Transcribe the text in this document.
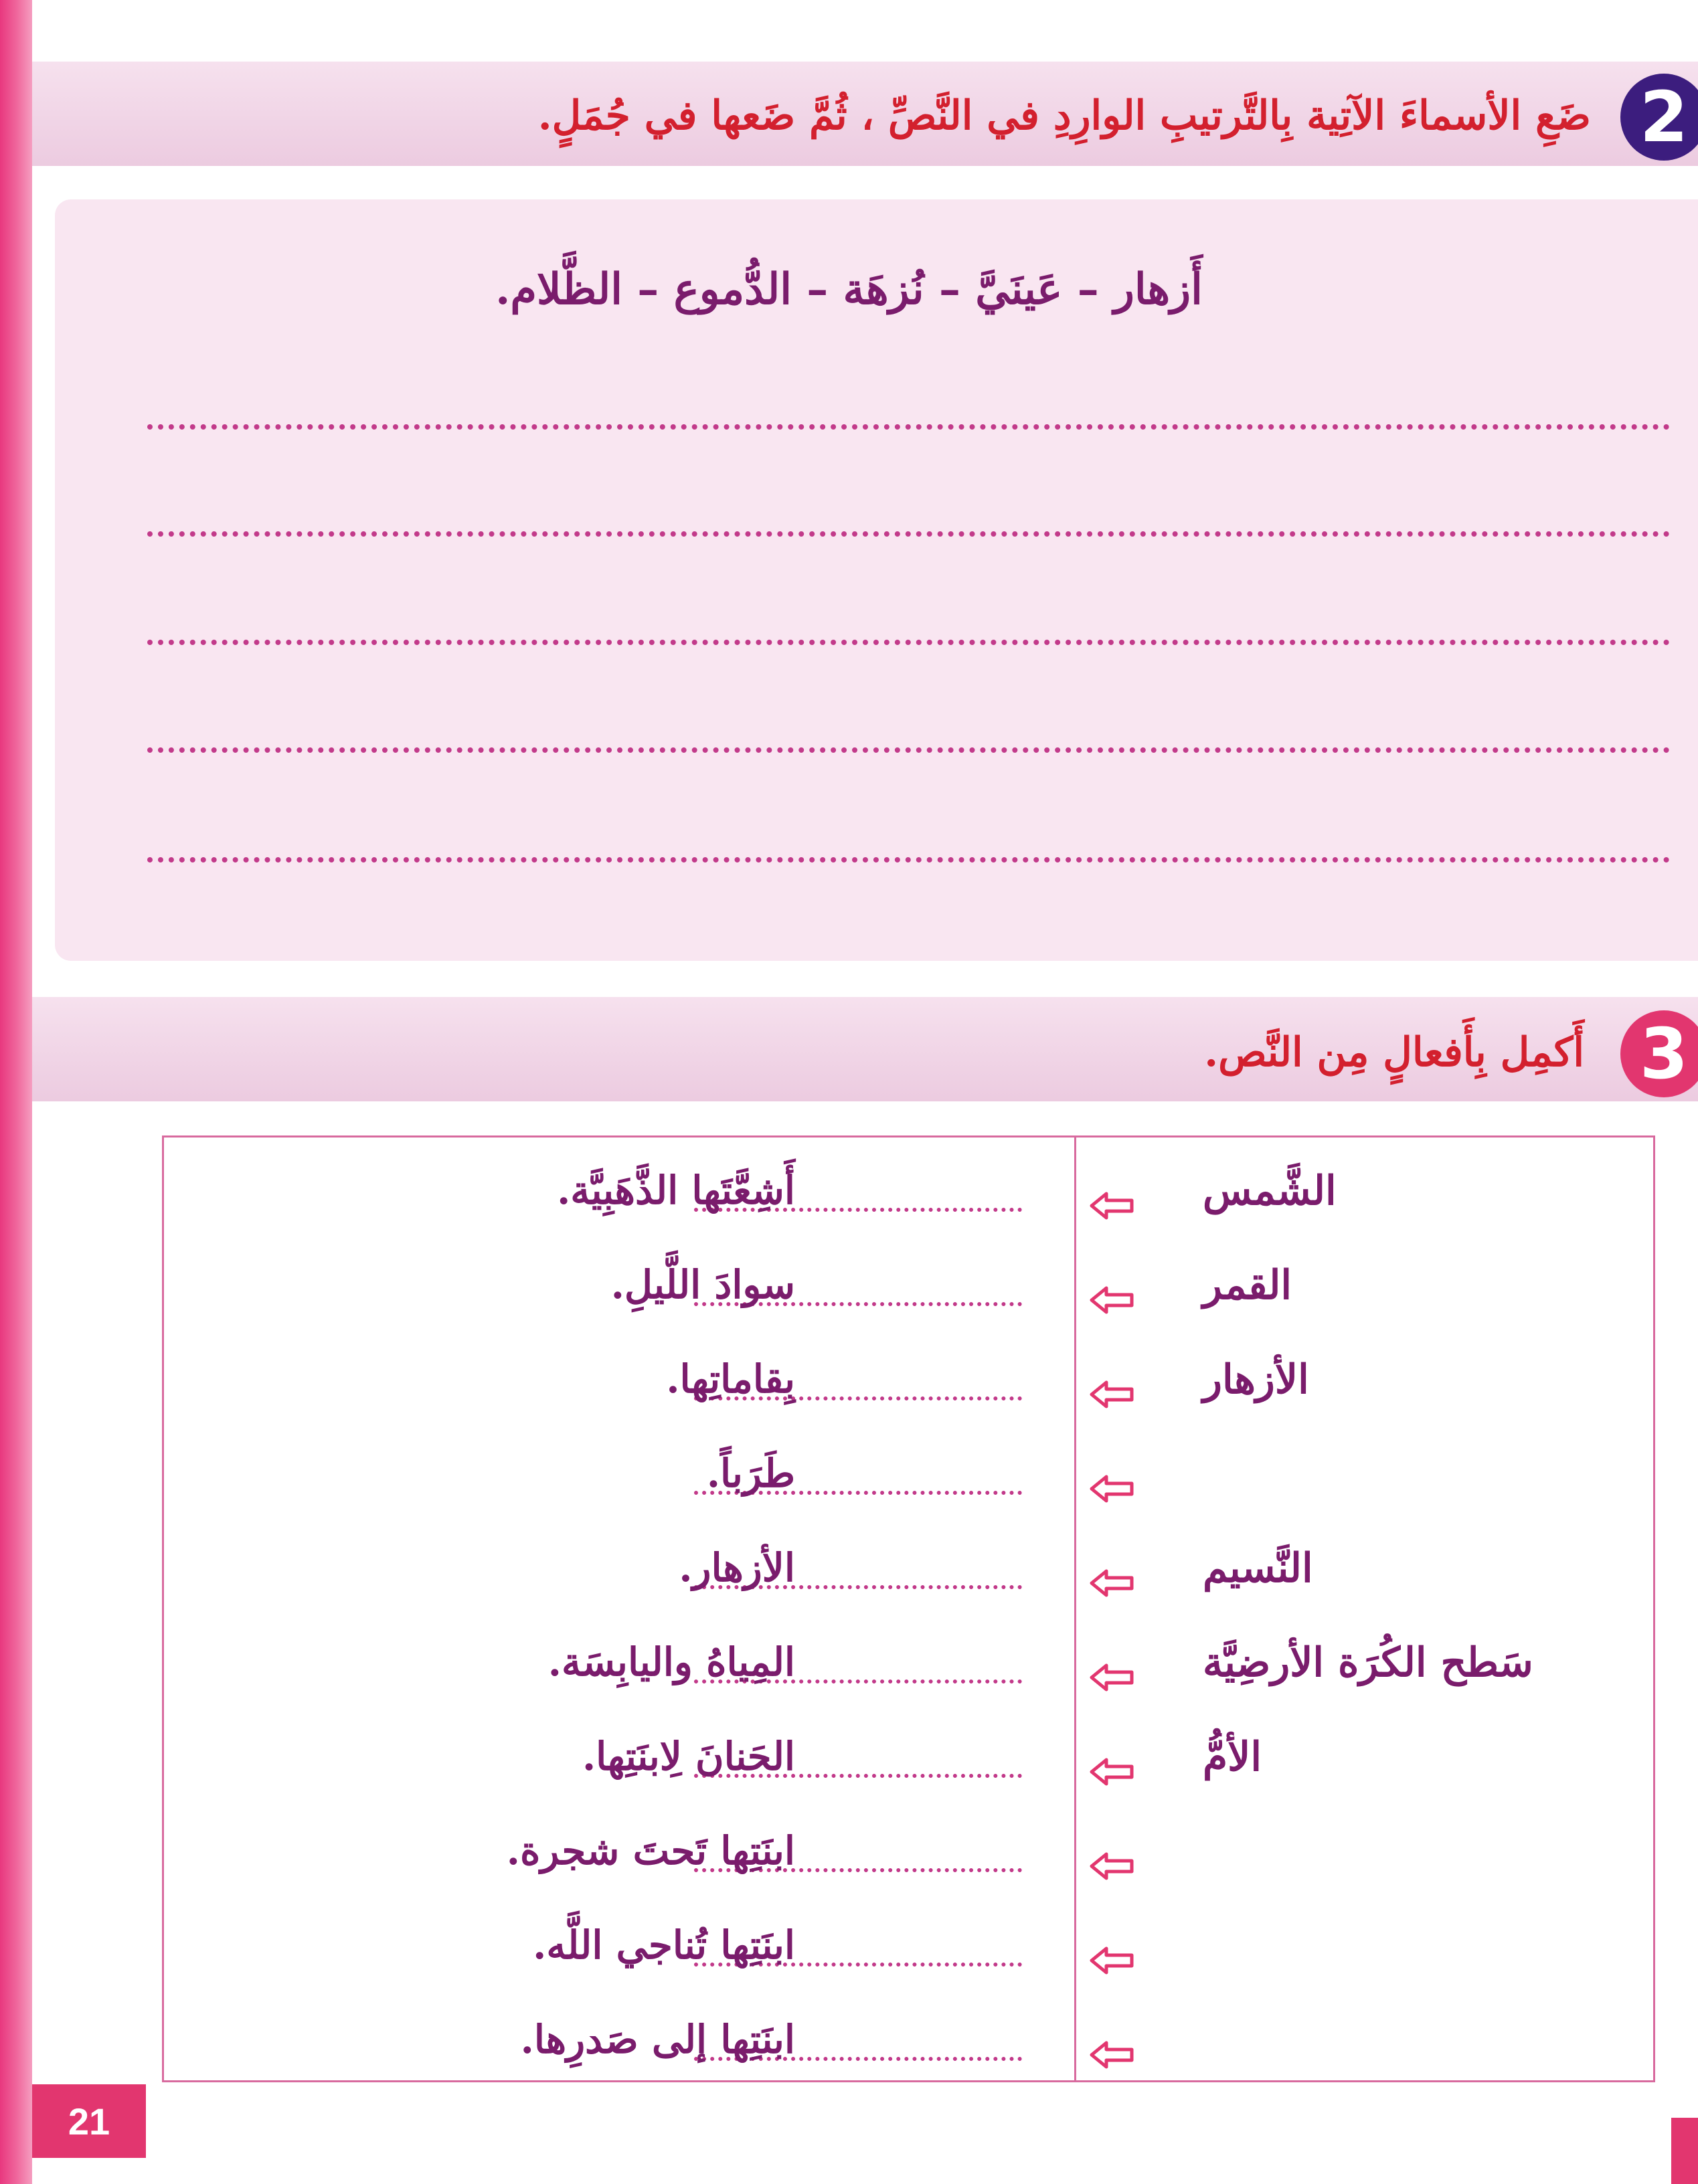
2
ضَعِ الأسماءَ الآتِية بِالتَّرتيبِ الوارِدِ في النَّصِّ ، ثُمَّ ضَعها في جُمَلٍ.
أَزهار – عَينَيَّ – نُزهَة – الدُّموع – الظَّلام.
3
أَكمِل بِأَفعالٍ مِن النَّص.
الشَّمس
أَشِعَّتَها الذَّهَبِيَّة.
القمر
سوادَ اللَّيلِ.
الأزهار
بِقاماتِها.
طَرَباً.
النَّسيم
الأزهار.
سَطح الكُرَة الأرضِيَّة
المِياهُ واليابِسَة.
الأمُّ
الحَنانَ لِابنَتِها.
ابنَتِها تَحتَ شجرة.
ابنَتِها تُناجي اللَّه.
ابنَتِها إلى صَدرِها.
21
